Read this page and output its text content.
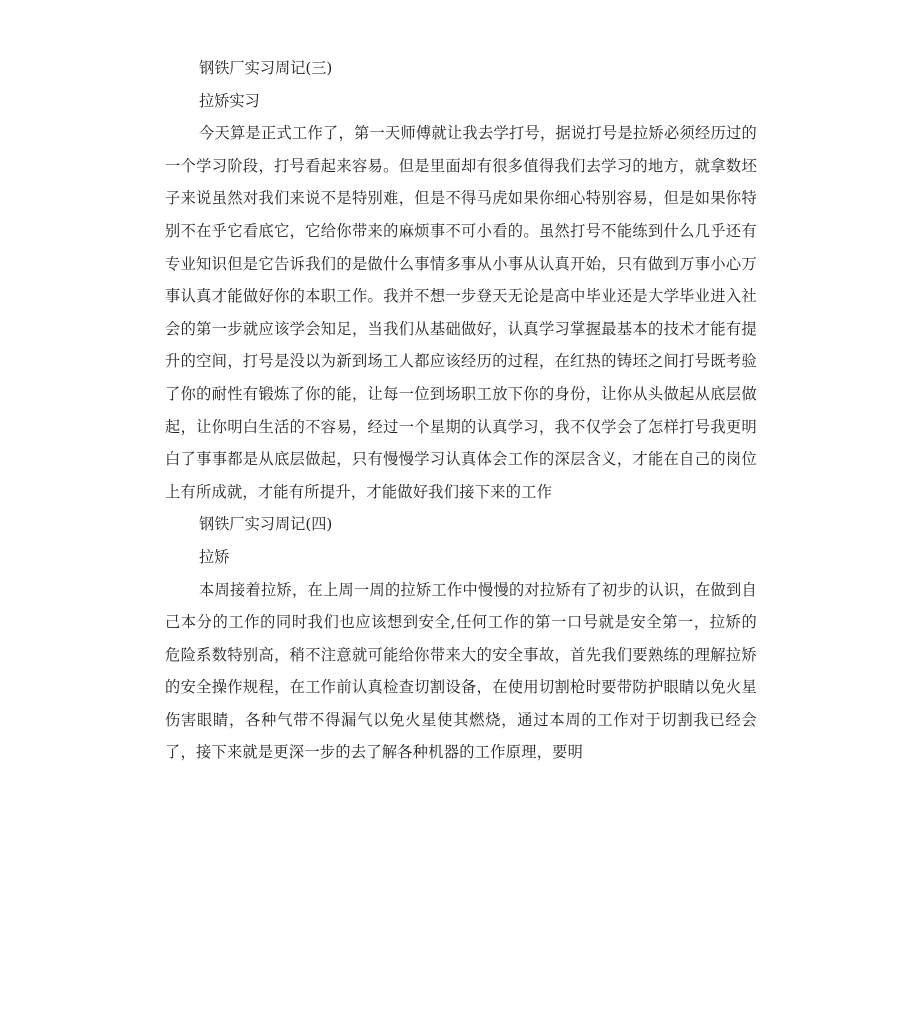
钢铁厂实习周记(三)

拉矫实习

今天算是正式工作了，第一天师傅就让我去学打号，据说打号是拉矫必须经历过的一个学习阶段，打号看起来容易。但是里面却有很多值得我们去学习的地方，就拿数坯子来说虽然对我们来说不是特别难，但是不得马虎如果你细心特别容易，但是如果你特别不在乎它看底它，它给你带来的麻烦事不可小看的。虽然打号不能练到什么几乎还有专业知识但是它告诉我们的是做什么事情多事从小事从认真开始，只有做到万事小心万事认真才能做好你的本职工作。我并不想一步登天无论是高中毕业还是大学毕业进入社会的第一步就应该学会知足，当我们从基础做好，认真学习掌握最基本的技术才能有提升的空间，打号是没以为新到场工人都应该经历的过程，在红热的铸坯之间打号既考验了你的耐性有锻炼了你的能，让每一位到场职工放下你的身份，让你从头做起从底层做起，让你明白生活的不容易，经过一个星期的认真学习，我不仅学会了怎样打号我更明白了事事都是从底层做起，只有慢慢学习认真体会工作的深层含义，才能在自己的岗位上有所成就，才能有所提升，才能做好我们接下来的工作

钢铁厂实习周记(四)

拉矫

本周接着拉矫，在上周一周的拉矫工作中慢慢的对拉矫有了初步的认识，在做到自己本分的工作的同时我们也应该想到安全,任何工作的第一口号就是安全第一，拉矫的危险系数特别高，稍不注意就可能给你带来大的安全事故，首先我们要熟练的理解拉矫的安全操作规程，在工作前认真检查切割设备，在使用切割枪时要带防护眼睛以免火星伤害眼睛，各种气带不得漏气以免火星使其燃烧，通过本周的工作对于切割我已经会了，接下来就是更深一步的去了解各种机器的工作原理，要明
